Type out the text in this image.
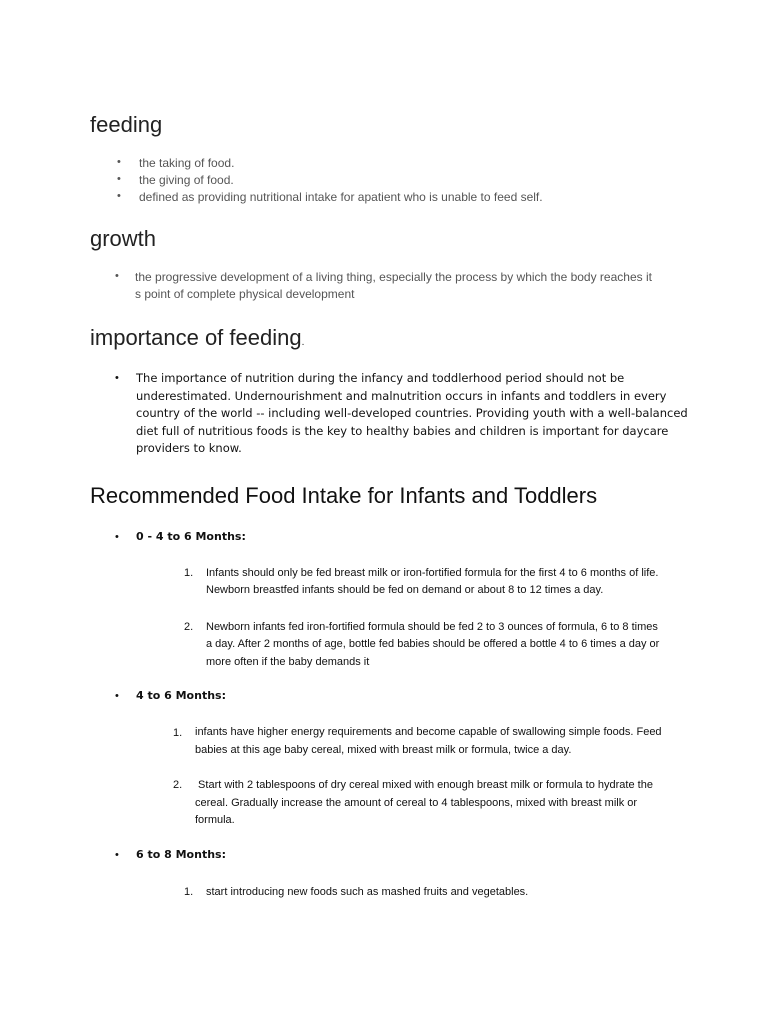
feeding
• the taking of food.
• the giving of food.
• defined as providing nutritional intake for apatient who is unable to feed self.
growth
• the progressive development of a living thing, especially the process by which the body reaches it
s point of complete physical development
importance of feeding.
• The importance of nutrition during the infancy and toddlerhood period should not be
underestimated. Undernourishment and malnutrition occurs in infants and toddlers in every
country of the world -- including well-developed countries. Providing youth with a well-balanced
diet full of nutritious foods is the key to healthy babies and children is important for daycare
providers to know.
Recommended Food Intake for Infants and Toddlers
• 0 - 4 to 6 Months:
1. Infants should only be fed breast milk or iron-fortified formula for the first 4 to 6 months of life.
Newborn breastfed infants should be fed on demand or about 8 to 12 times a day.
2. Newborn infants fed iron-fortified formula should be fed 2 to 3 ounces of formula, 6 to 8 times
a day. After 2 months of age, bottle fed babies should be offered a bottle 4 to 6 times a day or
more often if the baby demands it
• 4 to 6 Months:
1. infants have higher energy requirements and become capable of swallowing simple foods. Feed
babies at this age baby cereal, mixed with breast milk or formula, twice a day.
2. Start with 2 tablespoons of dry cereal mixed with enough breast milk or formula to hydrate the
cereal. Gradually increase the amount of cereal to 4 tablespoons, mixed with breast milk or
formula.
• 6 to 8 Months:
1. start introducing new foods such as mashed fruits and vegetables.
